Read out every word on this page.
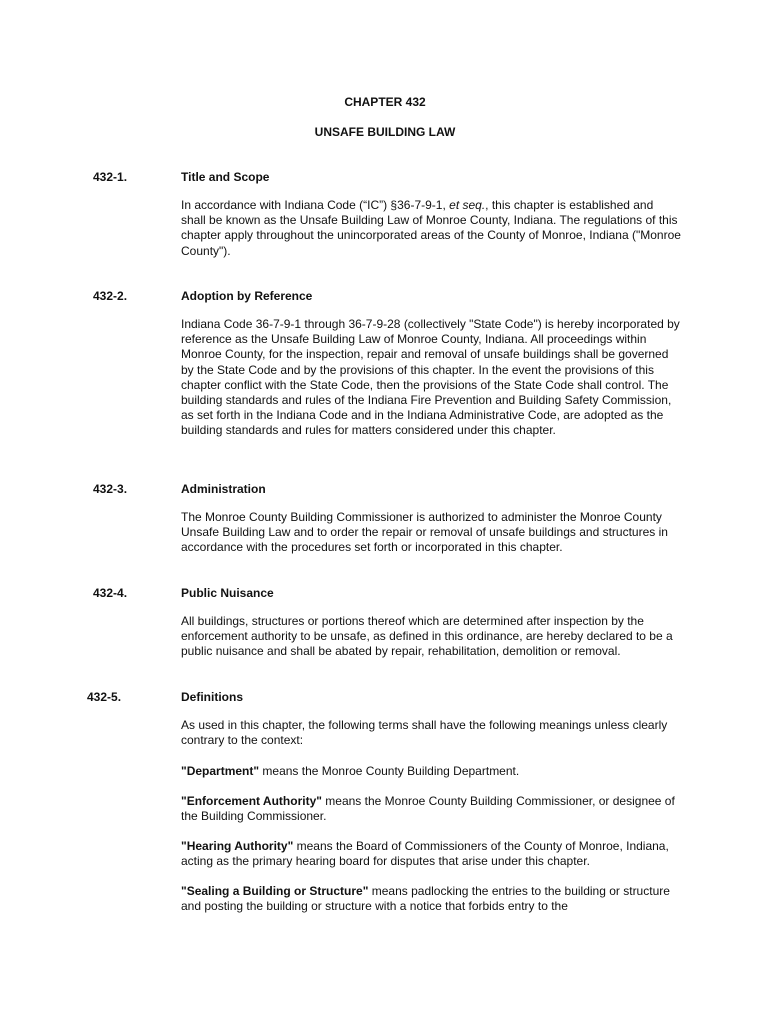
CHAPTER 432
UNSAFE BUILDING LAW
432-1.	Title and Scope
In accordance with Indiana Code (“IC”) §36-7-9-1, et seq., this chapter is established and shall be known as the Unsafe Building Law of Monroe County, Indiana. The regulations of this chapter apply throughout the unincorporated areas of the County of Monroe, Indiana ("Monroe County").
432-2.	Adoption by Reference
Indiana Code 36-7-9-1 through 36-7-9-28 (collectively "State Code") is hereby incorporated by reference as the Unsafe Building Law of Monroe County, Indiana. All proceedings within Monroe County, for the inspection, repair and removal of unsafe buildings shall be governed by the State Code and by the provisions of this chapter. In the event the provisions of this chapter conflict with the State Code, then the provisions of the State Code shall control. The building standards and rules of the Indiana Fire Prevention and Building Safety Commission, as set forth in the Indiana Code and in the Indiana Administrative Code, are adopted as the building standards and rules for matters considered under this chapter.
432-3.	Administration
The Monroe County Building Commissioner is authorized to administer the Monroe County Unsafe Building Law and to order the repair or removal of unsafe buildings and structures in accordance with the procedures set forth or incorporated in this chapter.
432-4.	Public Nuisance
All buildings, structures or portions thereof which are determined after inspection by the enforcement authority to be unsafe, as defined in this ordinance, are hereby declared to be a public nuisance and shall be abated by repair, rehabilitation, demolition or removal.
432-5.	Definitions
As used in this chapter, the following terms shall have the following meanings unless clearly contrary to the context:
"Department" means the Monroe County Building Department.
"Enforcement Authority" means the Monroe County Building Commissioner, or designee of the Building Commissioner.
"Hearing Authority" means the Board of Commissioners of the County of Monroe, Indiana, acting as the primary hearing board for disputes that arise under this chapter.
"Sealing a Building or Structure" means padlocking the entries to the building or structure and posting the building or structure with a notice that forbids entry to the
